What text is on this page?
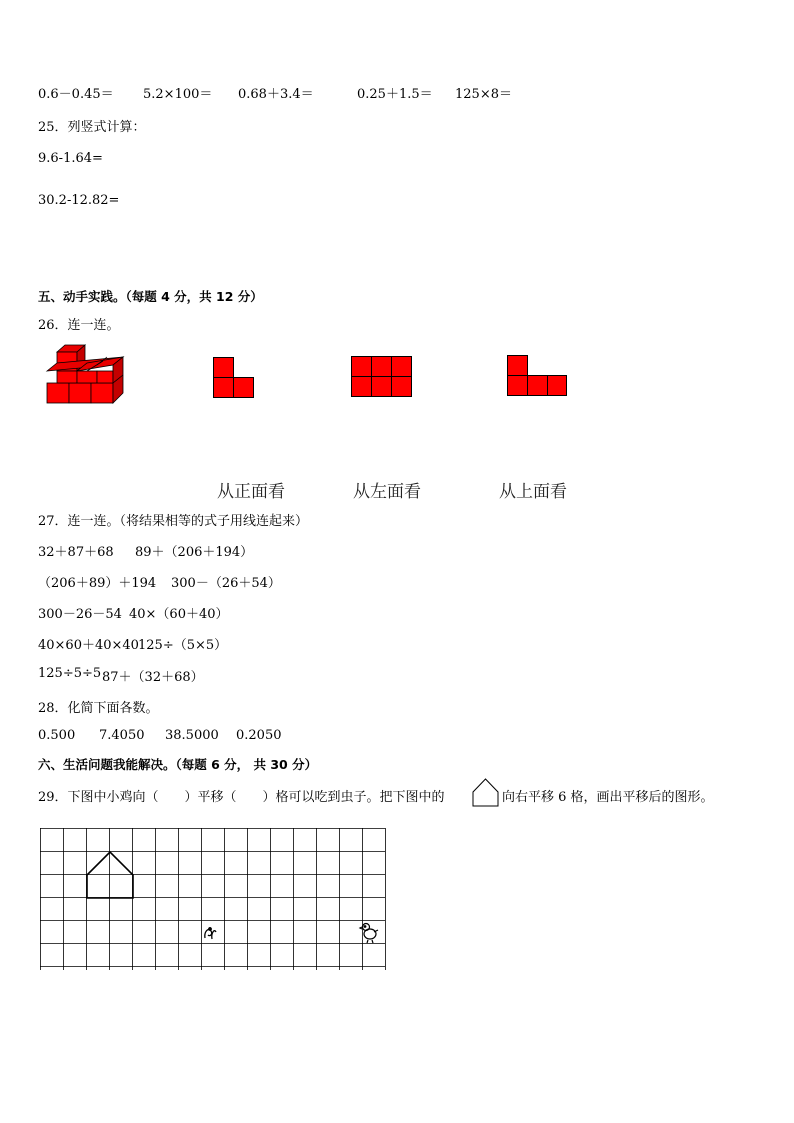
0.6－0.45＝ 5.2×100＝ 0.68＋3.4＝	0.25＋1.5＝ 125×8＝
25．列竖式计算：
9.6-1.64=
30.2-12.82=
五、动手实践。（每题 4 分，共 12 分）
26．连一连。
从正面看	从左面看	从上面看
27．连一连。（将结果相等的式子用线连起来）
32＋87＋68 89＋（206＋194）
（206＋89）＋194 300－（26＋54）
300－26－54 40×（60＋40）
40×60＋40×40 125÷（5×5）
125÷5÷5 87＋（32＋68）
28．化简下面各数。
0.500 7.4050 38.5000 0.2050
六、生活问题我能解决。（每题 6 分， 共 30 分）
29．下图中小鸡向（　　）平移（　　）格可以吃到虫子。把下图中的	向右平移 6 格，画出平移后的图形。
